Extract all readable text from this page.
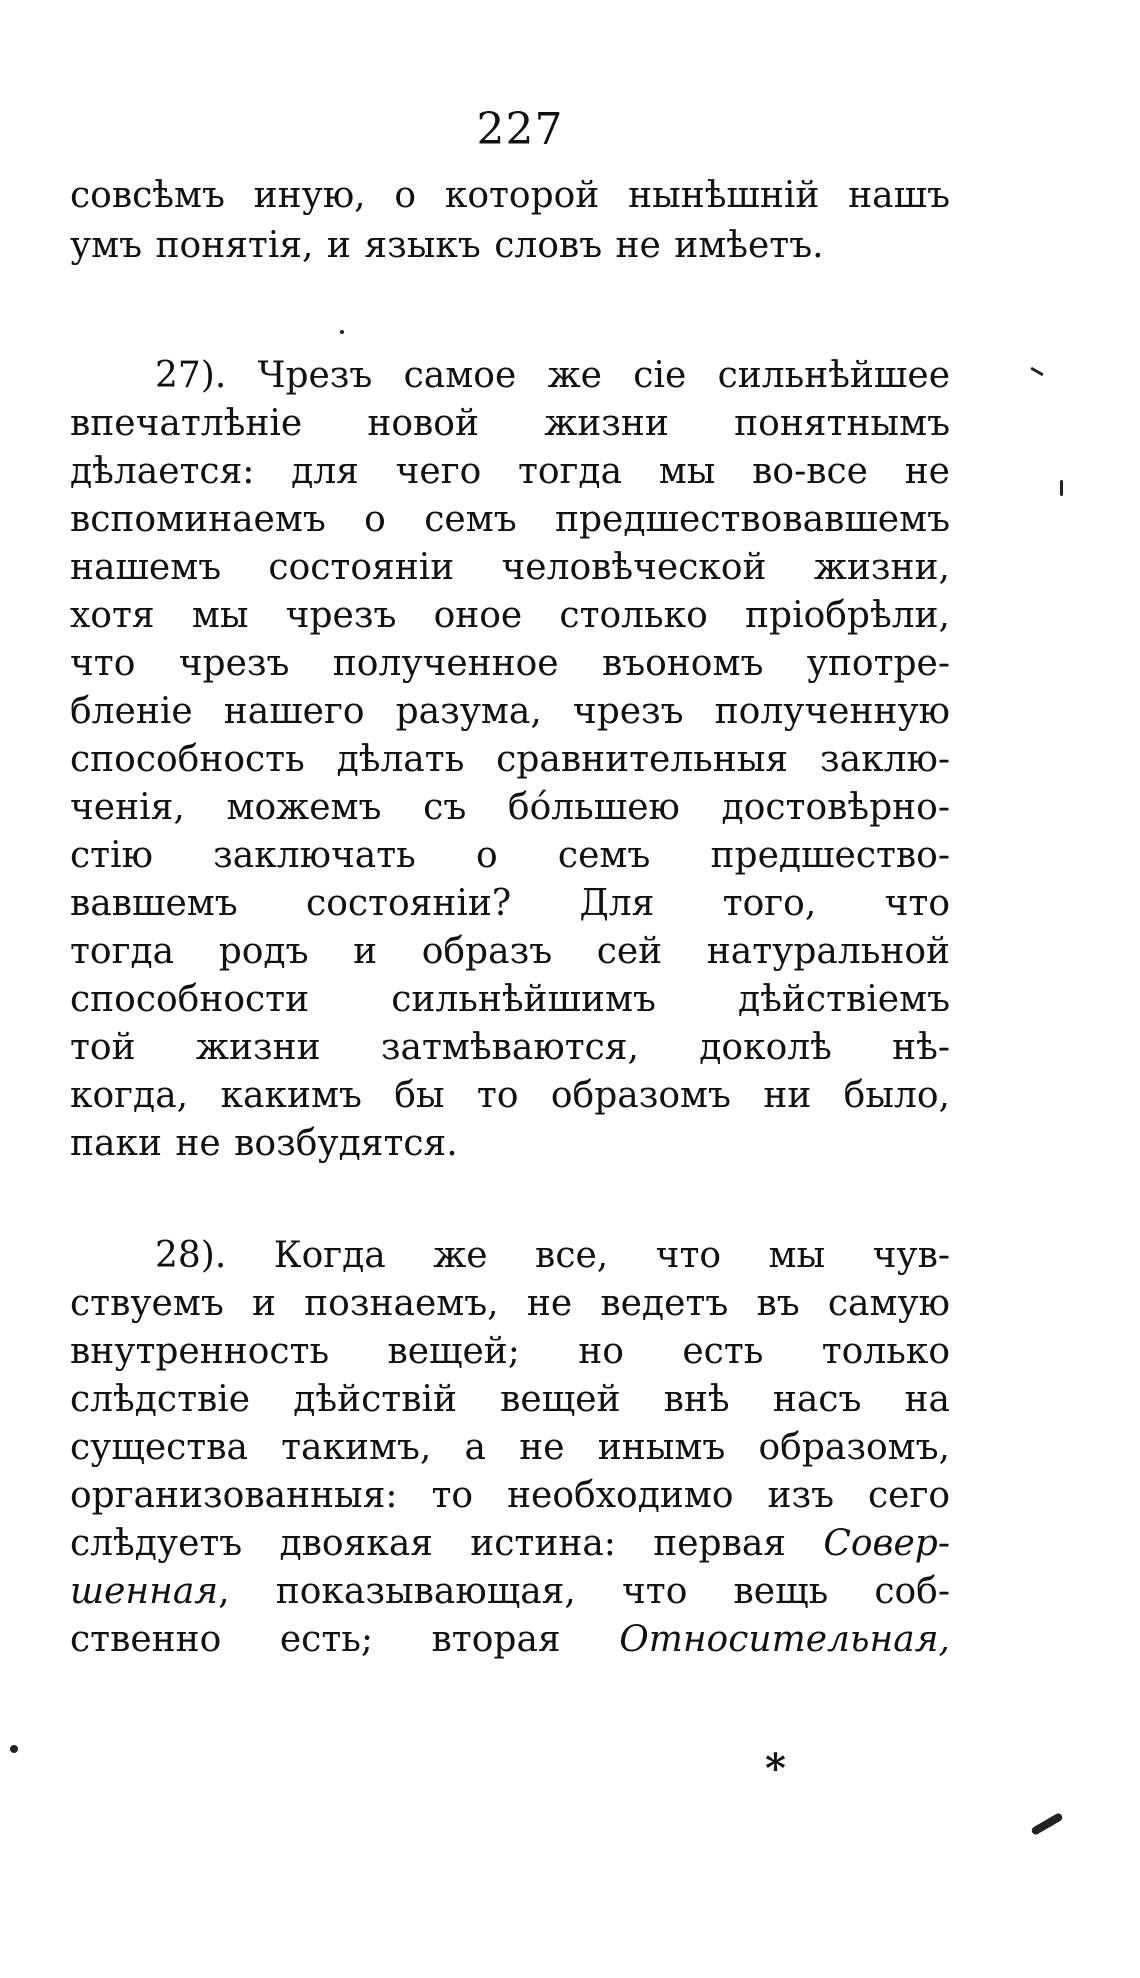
227
совсѣмъ иную, о которой нынѣшній нашъ
умъ понятія, и языкъ словъ не имѣетъ.
27). Чрезъ самое же сіе сильнѣйшее
впечатлѣніе новой жизни понятнымъ
дѣлается: для чего тогда мы во-все не
вспоминаемъ о семъ предшествовавшемъ
нашемъ состояніи человѣческой жизни,
хотя мы чрезъ оное столько пріобрѣли,
что чрезъ полученное въономъ употре-
бленіе нашего разума, чрезъ полученную
способность дѣлать сравнительныя заклю-
ченія, можемъ съ бо́льшею достовѣрно-
стію заключать о семъ предшество-
вавшемъ состояніи? Для того, что
тогда родъ и образъ сей натуральной
способности сильнѣйшимъ дѣйствіемъ
той жизни затмѣваются, доколѣ нѣ-
когда, какимъ бы то образомъ ни было,
паки не возбудятся.
28). Когда же все, что мы чув-
ствуемъ и познаемъ, не ведетъ въ самую
внутренность вещей; но есть только
слѣдствіе дѣйствій вещей внѣ насъ на
существа такимъ, а не инымъ образомъ,
организованныя: то необходимо изъ сего
слѣдуетъ двоякая истина: первая Совер-
шенная, показывающая, что вещь соб-
ственно есть; вторая Относительная,
*
